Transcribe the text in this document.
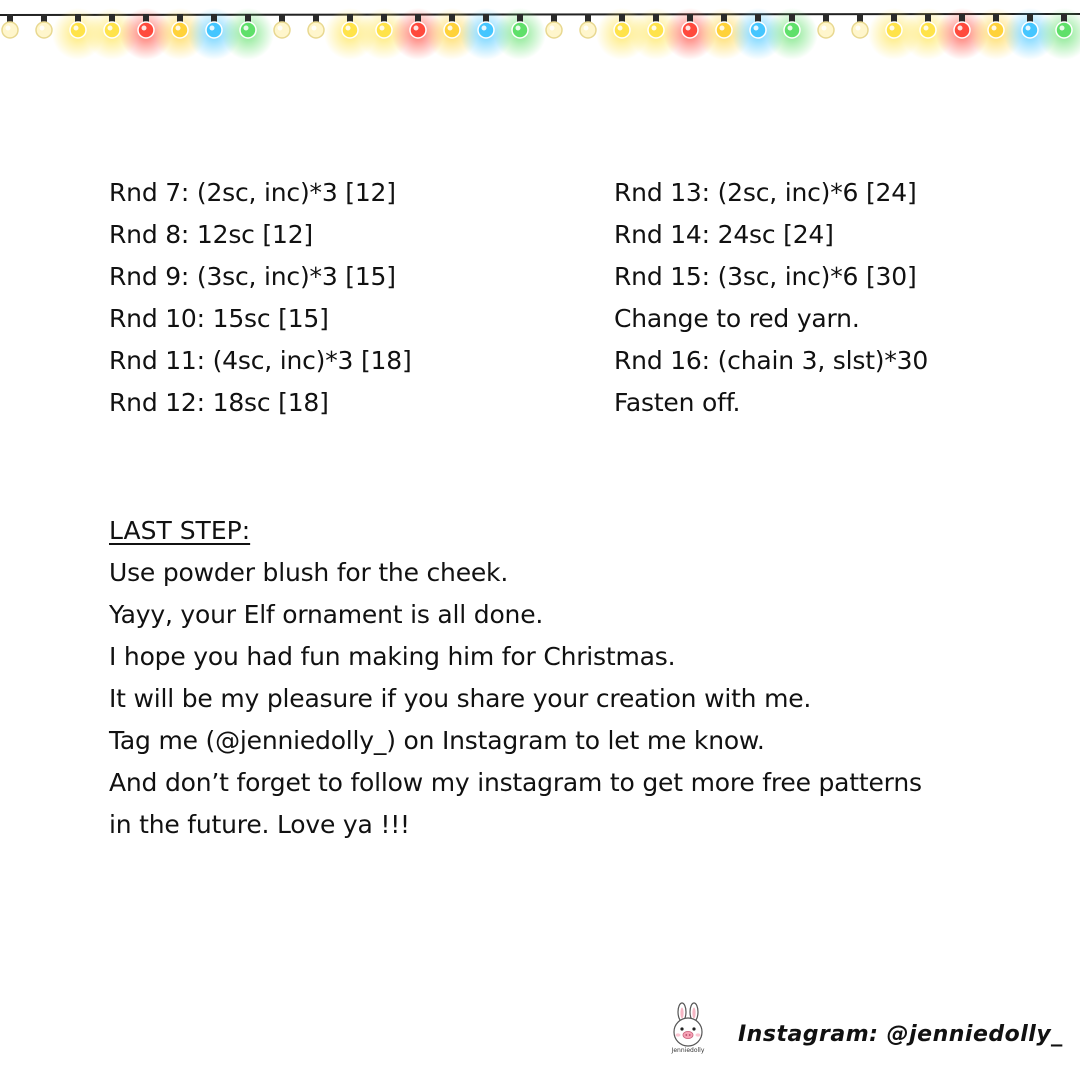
Rnd 7: (2sc, inc)*3 [12]
Rnd 8: 12sc [12]
Rnd 9: (3sc, inc)*3 [15]
Rnd 10: 15sc [15]
Rnd 11: (4sc, inc)*3 [18]
Rnd 12: 18sc [18]
Rnd 13: (2sc, inc)*6 [24]
Rnd 14: 24sc [24]
Rnd 15: (3sc, inc)*6 [30]
Change to red yarn.
Rnd 16: (chain 3, slst)*30
Fasten off.
LAST STEP:
Use powder blush for the cheek.
Yayy, your Elf ornament is all done.
I hope you had fun making him for Christmas.
It will be my pleasure if you share your creation with me.
Tag me (@jenniedolly_) on Instagram to let me know.
And don’t forget to follow my instagram to get more free patterns
in the future. Love ya !!!
Jenniedolly
Instagram: @jenniedolly_
